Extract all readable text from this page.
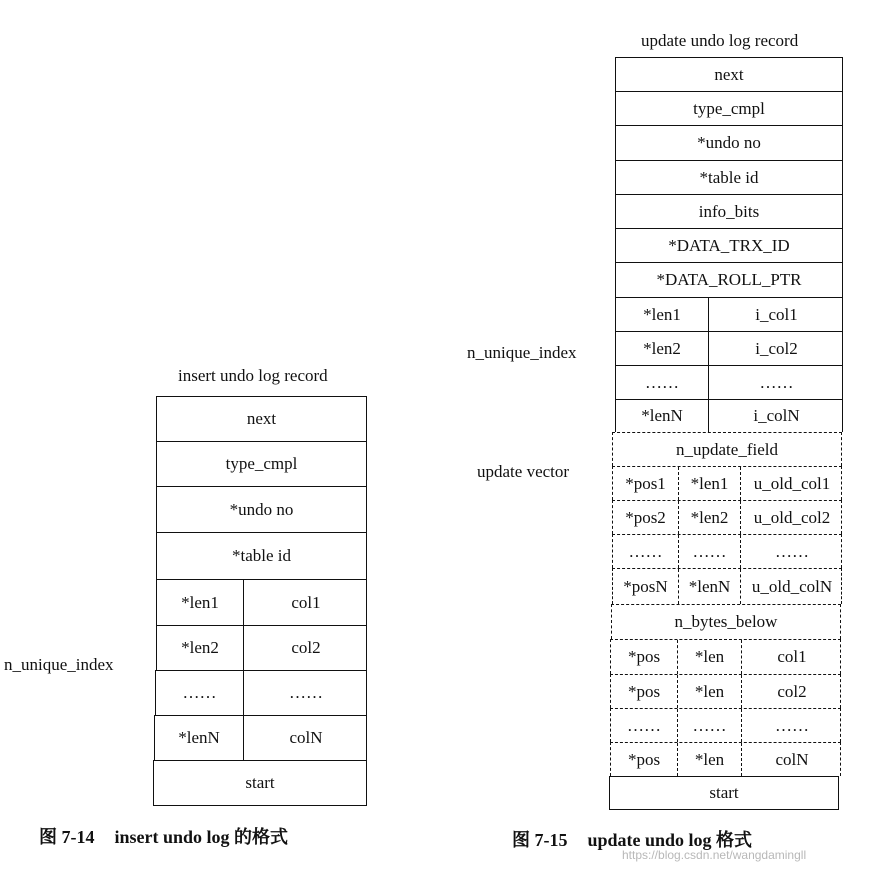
insert undo log record
next
type_cmpl
*undo no
*table id
*len1	col1
*len2	col2
……	……
*lenN	colN
start
n_unique_index
图 7-14 insert undo log 的格式
update undo log record
next
type_cmpl
*undo no
*table id
info_bits
*DATA_TRX_ID
*DATA_ROLL_PTR
*len1	i_col1
*len2	i_col2
……	……
*lenN	i_colN
n_update_field
*pos1	*len1	u_old_col1
*pos2	*len2	u_old_col2
……	……	……
*posN	*lenN	u_old_colN
n_bytes_below
*pos	*len	col1
*pos	*len	col2
……	……	……
*pos	*len	colN
start
n_unique_index
update vector
图 7-15 update undo log 格式
https://blog.csdn.net/wangdamingll
